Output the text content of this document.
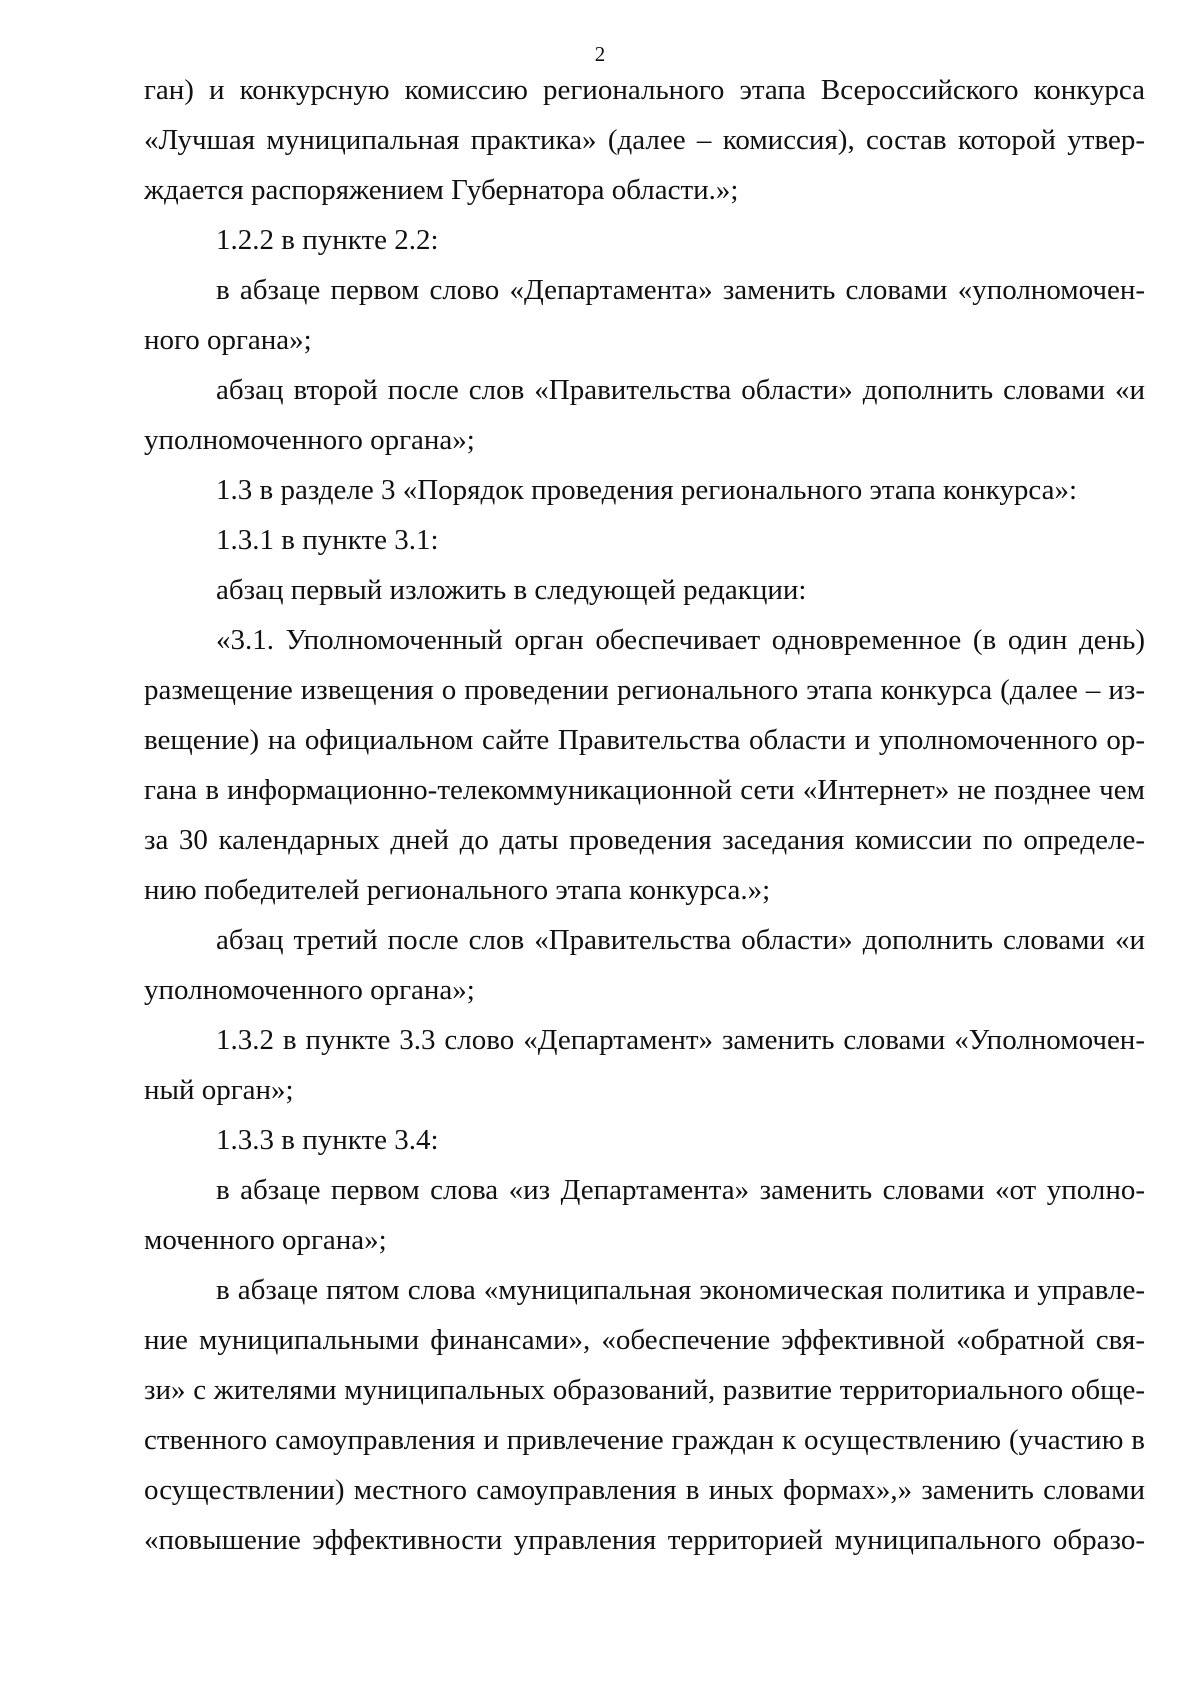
2
ган) и конкурсную комиссию регионального этапа Всероссийского конкурса
«Лучшая муниципальная практика» (далее – комиссия), состав которой утвер-
ждается распоряжением Губернатора области.»;
1.2.2 в пункте 2.2:
в абзаце первом слово «Департамента» заменить словами «уполномочен-
ного органа»;
абзац второй после слов «Правительства области» дополнить словами «и
уполномоченного органа»;
1.3 в разделе 3 «Порядок проведения регионального этапа конкурса»:
1.3.1 в пункте 3.1:
абзац первый изложить в следующей редакции:
«3.1. Уполномоченный орган обеспечивает одновременное (в один день)
размещение извещения о проведении регионального этапа конкурса (далее – из-
вещение) на официальном сайте Правительства области и уполномоченного ор-
гана в информационно-телекоммуникационной сети «Интернет» не позднее чем
за 30 календарных дней до даты проведения заседания комиссии по определе-
нию победителей регионального этапа конкурса.»;
абзац третий после слов «Правительства области» дополнить словами «и
уполномоченного органа»;
1.3.2 в пункте 3.3 слово «Департамент» заменить словами «Уполномочен-
ный орган»;
1.3.3 в пункте 3.4:
в абзаце первом слова «из Департамента» заменить словами «от уполно-
моченного органа»;
в абзаце пятом слова «муниципальная экономическая политика и управле-
ние муниципальными финансами», «обеспечение эффективной «обратной свя-
зи» с жителями муниципальных образований, развитие территориального обще-
ственного самоуправления и привлечение граждан к осуществлению (участию в
осуществлении) местного самоуправления в иных формах»,» заменить словами
«повышение эффективности управления территорией муниципального образо-
